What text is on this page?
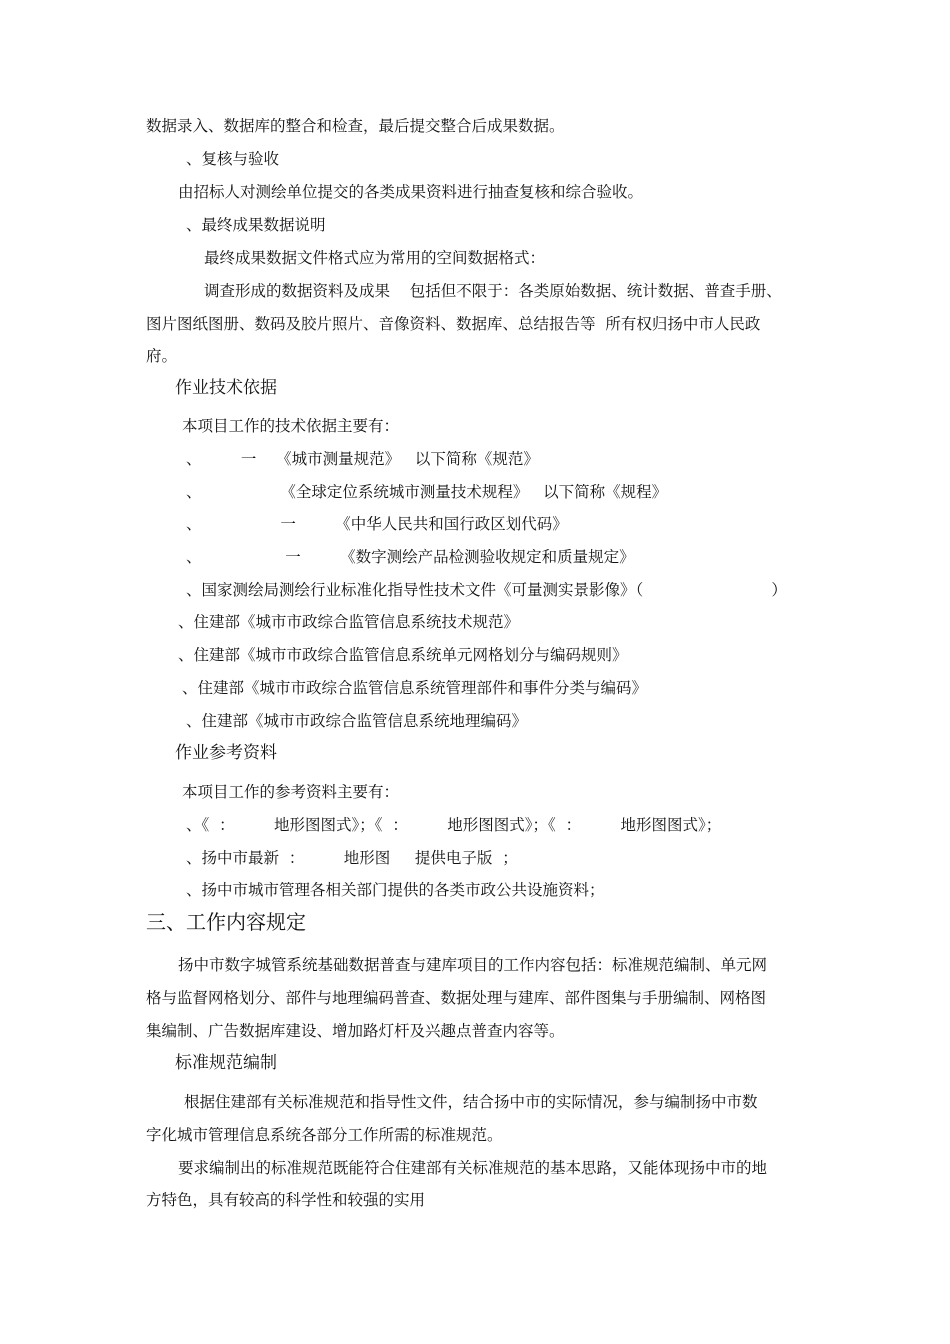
数据录入、数据库的整合和检查，最后提交整合后成果数据。
、复核与验收
由招标人对测绘单位提交的各类成果资料进行抽查复核和综合验收。
、最终成果数据说明
最终成果数据文件格式应为常用的空间数据格式：
调查形成的数据资料及成果    包括但不限于：各类原始数据、统计数据、普查手册、
图片图纸图册、数码及胶片照片、音像资料、数据库、总结报告等  所有权归扬中市人民政
府。
作业技术依据
本项目工作的技术依据主要有：
、        一    《城市测量规范》   以下简称《规范》
、                《全球定位系统城市测量技术规程》   以下简称《规程》
、                一        《中华人民共和国行政区划代码》
、                 一        《数字测绘产品检测验收规定和质量规定》
、国家测绘局测绘行业标准化指导性技术文件《可量测实景影像》（                          ）
、住建部《城市市政综合监管信息系统技术规范》
、住建部《城市市政综合监管信息系统单元网格划分与编码规则》
、住建部《城市市政综合监管信息系统管理部件和事件分类与编码》
、住建部《城市市政综合监管信息系统地理编码》
作业参考资料
本项目工作的参考资料主要有：
、《  ：        地形图图式》；《  ：        地形图图式》；《  ：        地形图图式》；
、扬中市最新  ：        地形图     提供电子版  ；
、扬中市城市管理各相关部门提供的各类市政公共设施资料；
三、工作内容规定
扬中市数字城管系统基础数据普查与建库项目的工作内容包括：标准规范编制、单元网
格与监督网格划分、部件与地理编码普查、数据处理与建库、部件图集与手册编制、网格图
集编制、广告数据库建设、增加路灯杆及兴趣点普查内容等。
标准规范编制
根据住建部有关标准规范和指导性文件，结合扬中市的实际情况，参与编制扬中市数
字化城市管理信息系统各部分工作所需的标准规范。
要求编制出的标准规范既能符合住建部有关标准规范的基本思路，又能体现扬中市的地
方特色，具有较高的科学性和较强的实用
